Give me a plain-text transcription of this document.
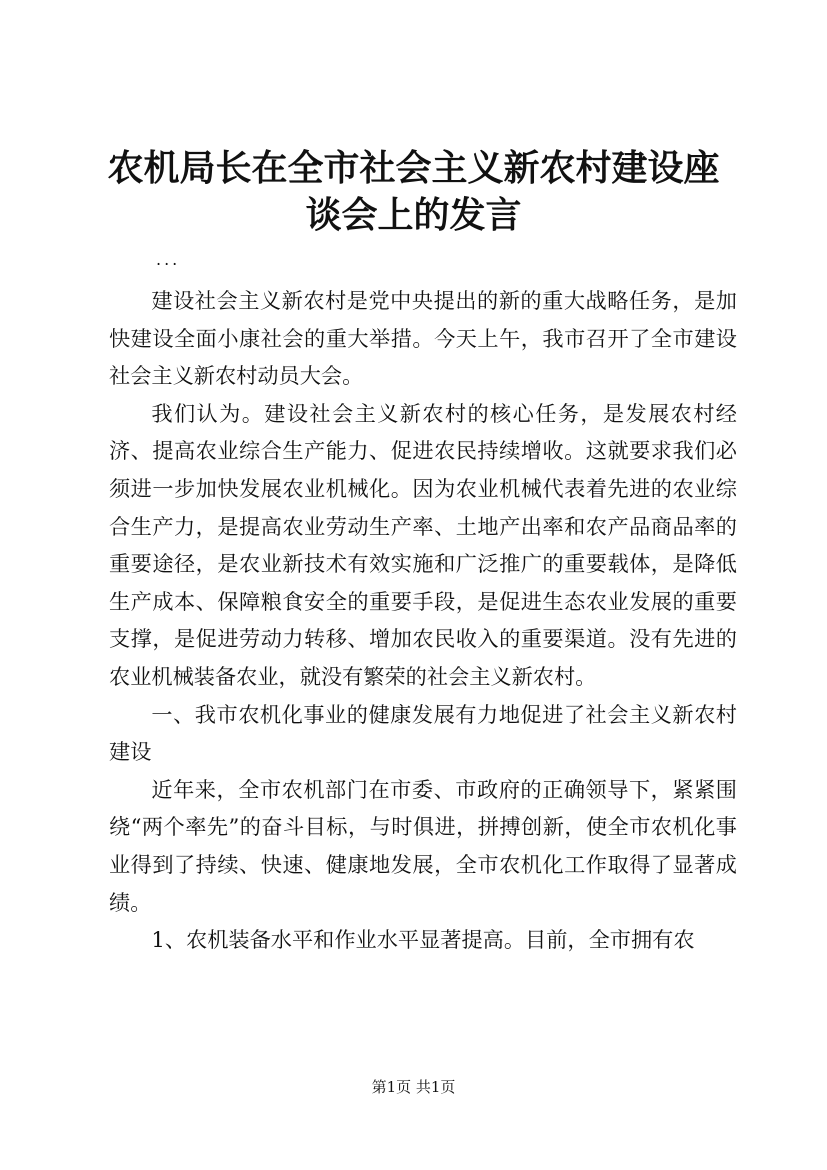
农机局长在全市社会主义新农村建设座谈会上的发言
...

建设社会主义新农村是党中央提出的新的重大战略任务，是加快建设全面小康社会的重大举措。今天上午，我市召开了全市建设社会主义新农村动员大会。

我们认为。建设社会主义新农村的核心任务，是发展农村经济、提高农业综合生产能力、促进农民持续增收。这就要求我们必须进一步加快发展农业机械化。因为农业机械代表着先进的农业综合生产力，是提高农业劳动生产率、土地产出率和农产品商品率的重要途径，是农业新技术有效实施和广泛推广的重要载体，是降低生产成本、保障粮食安全的重要手段，是促进生态农业发展的重要支撑，是促进劳动力转移、增加农民收入的重要渠道。没有先进的农业机械装备农业，就没有繁荣的社会主义新农村。

一、我市农机化事业的健康发展有力地促进了社会主义新农村建设

近年来，全市农机部门在市委、市政府的正确领导下，紧紧围绕“两个率先”的奋斗目标，与时俱进，拼搏创新，使全市农机化事业得到了持续、快速、健康地发展，全市农机化工作取得了显著成绩。

1、农机装备水平和作业水平显著提高。目前，全市拥有农

第1页 共1页
